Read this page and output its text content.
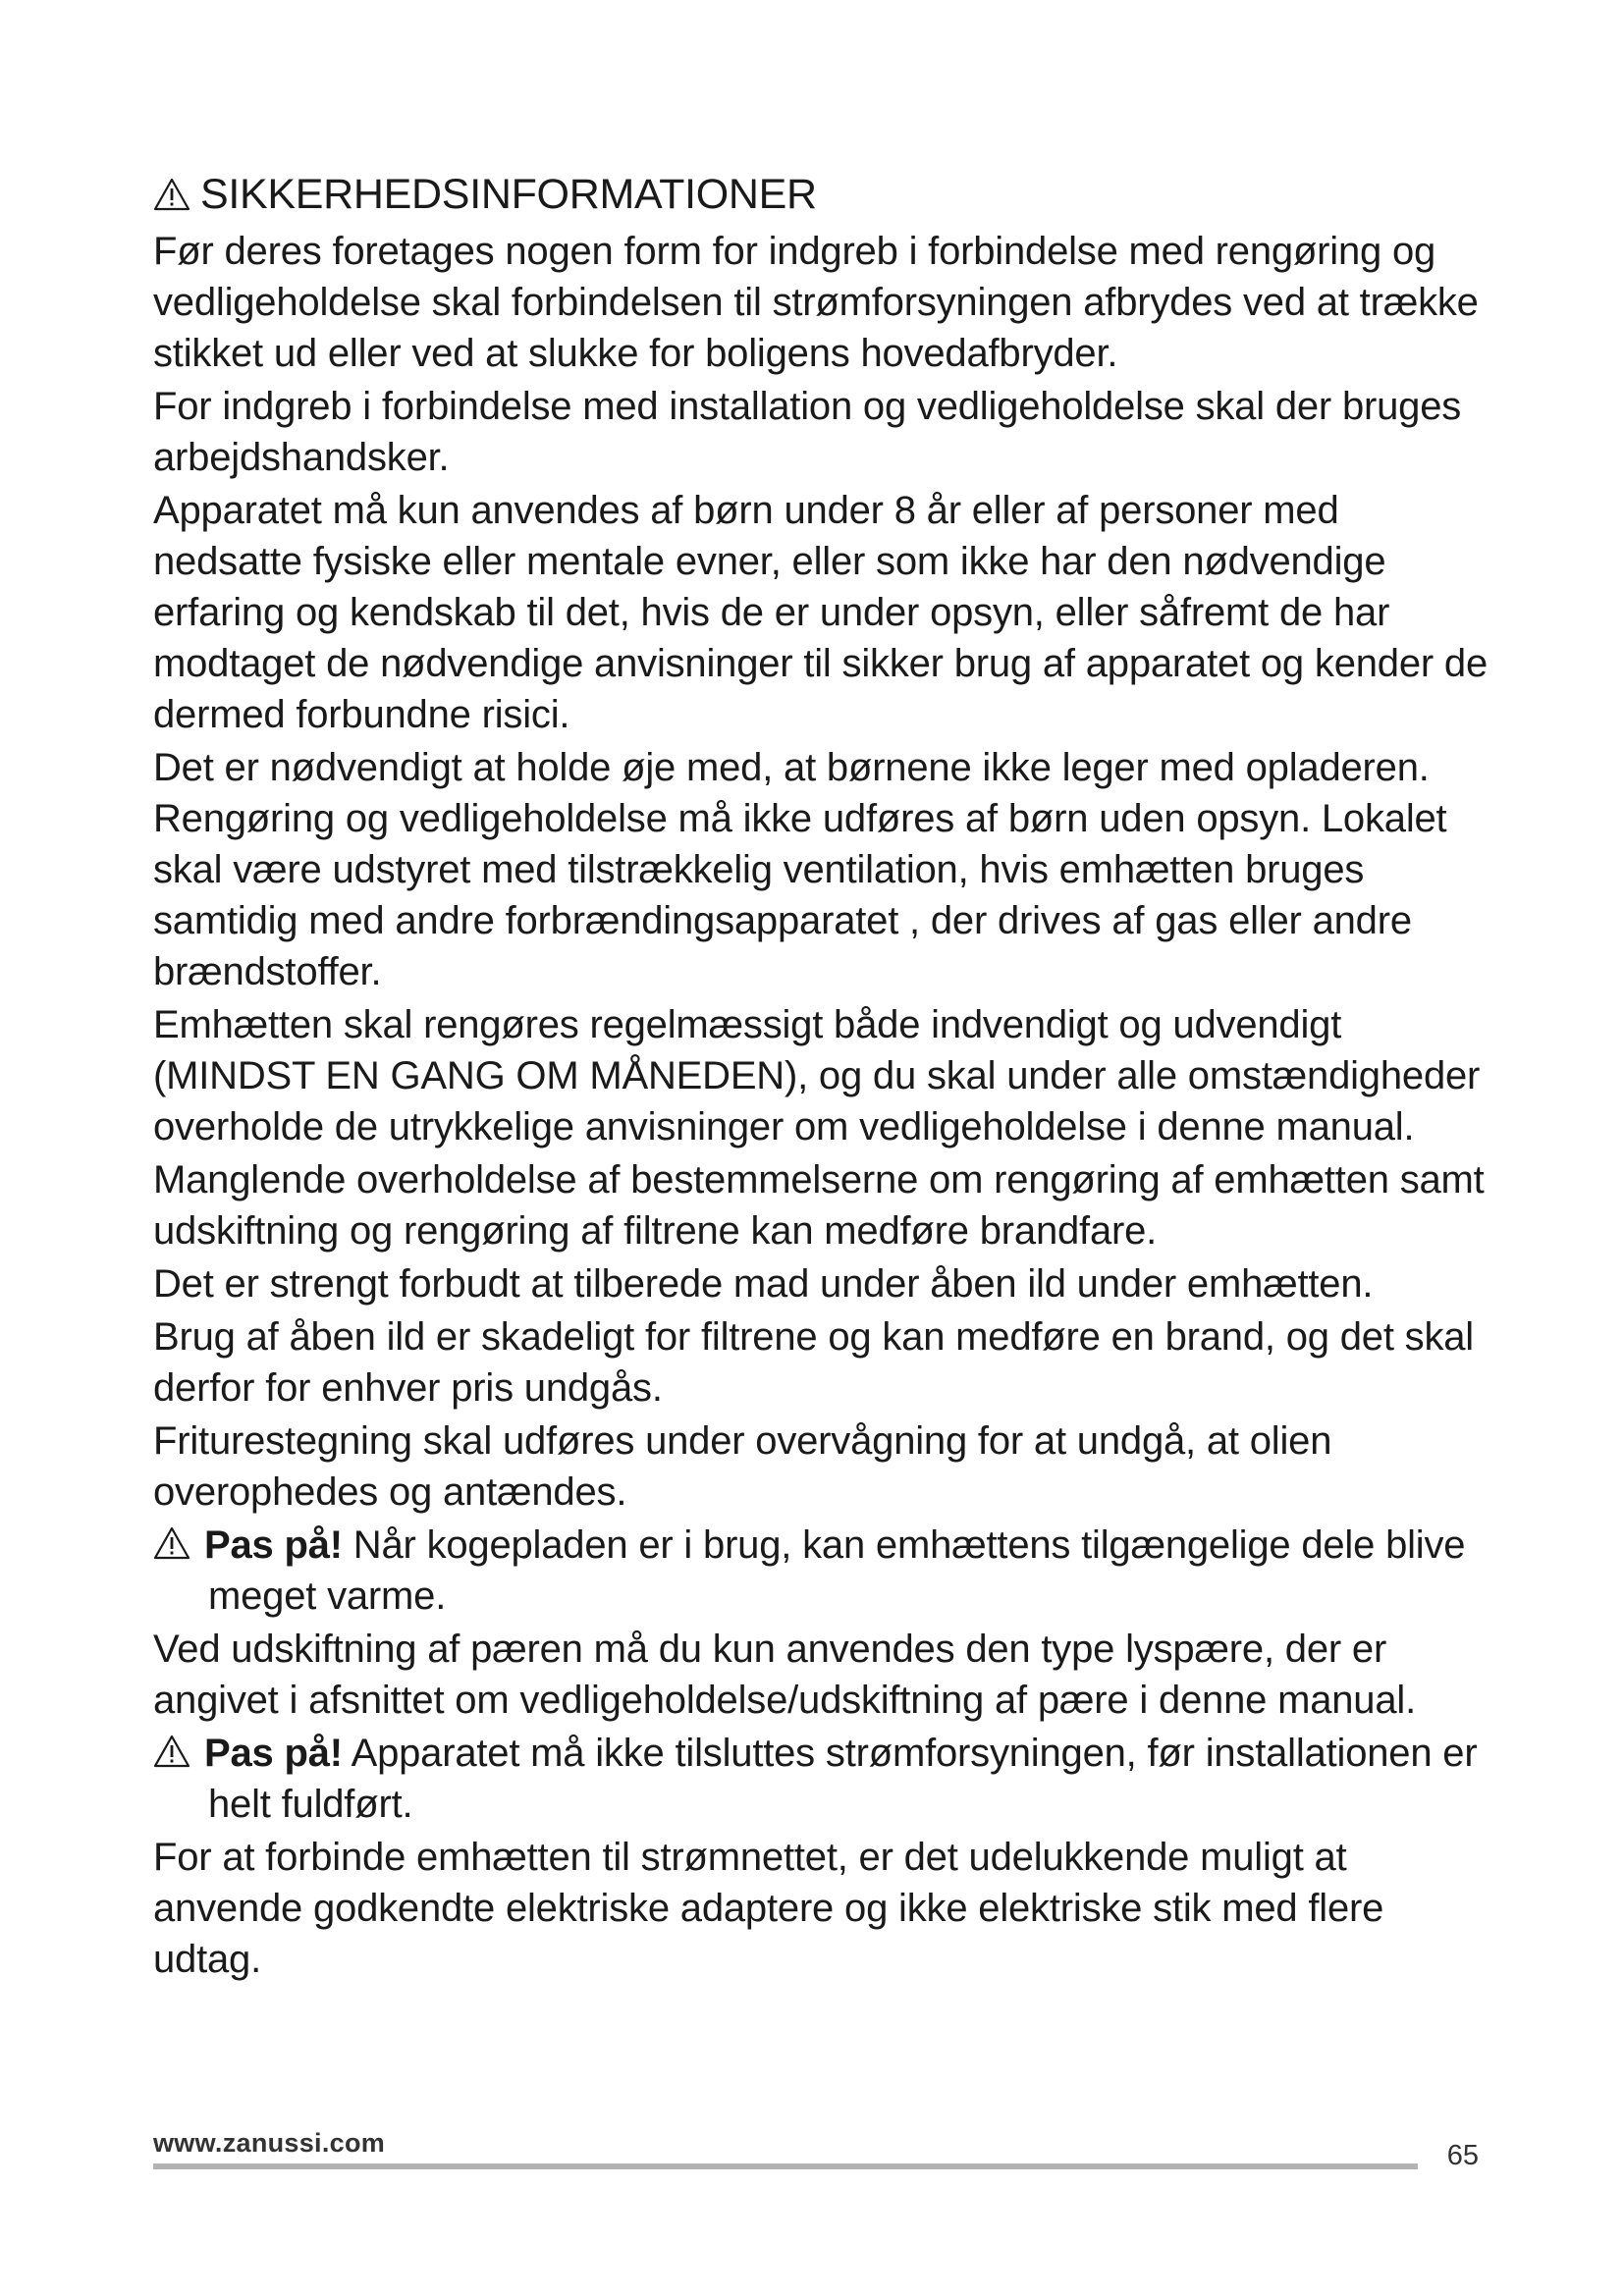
SIKKERHEDSINFORMATIONER

Før deres foretages nogen form for indgreb i forbindelse med rengøring og vedligeholdelse skal forbindelsen til strømforsyningen afbrydes ved at trække stikket ud eller ved at slukke for boligens hovedafbryder.

For indgreb i forbindelse med installation og vedligeholdelse skal der bruges arbejdshandsker.

Apparatet må kun anvendes af børn under 8 år eller af personer med nedsatte fysiske eller mentale evner, eller som ikke har den nødvendige erfaring og kendskab til det, hvis de er under opsyn, eller såfremt de har modtaget de nødvendige anvisninger til sikker brug af apparatet og kender de dermed forbundne risici.

Det er nødvendigt at holde øje med, at børnene ikke leger med opladeren. Rengøring og vedligeholdelse må ikke udføres af børn uden opsyn. Lokalet skal være udstyret med tilstrækkelig ventilation, hvis emhætten bruges samtidig med andre forbrændingsapparatet , der drives af gas eller andre brændstoffer.

Emhætten skal rengøres regelmæssigt både indvendigt og udvendigt (MINDST EN GANG OM MÅNEDEN), og du skal under alle omstændigheder overholde de utrykkelige anvisninger om vedligeholdelse i denne manual.

Manglende overholdelse af bestemmelserne om rengøring af emhætten samt udskiftning og rengøring af filtrene kan medføre brandfare.

Det er strengt forbudt at tilberede mad under åben ild under emhætten.

Brug af åben ild er skadeligt for filtrene og kan medføre en brand, og det skal derfor for enhver pris undgås.

Friturestegning skal udføres under overvågning for at undgå, at olien overophedes og antændes.

Pas på! Når kogepladen er i brug, kan emhættens tilgængelige dele blive meget varme.

Ved udskiftning af pæren må du kun anvendes den type lyspære, der er angivet i afsnittet om vedligeholdelse/udskiftning af pære i denne manual.

Pas på! Apparatet må ikke tilsluttes strømforsyningen, før installationen er helt fuldført.

For at forbinde emhætten til strømnettet, er det udelukkende muligt at anvende godkendte elektriske adaptere og ikke elektriske stik med flere udtag.

www.zanussi.com	65
